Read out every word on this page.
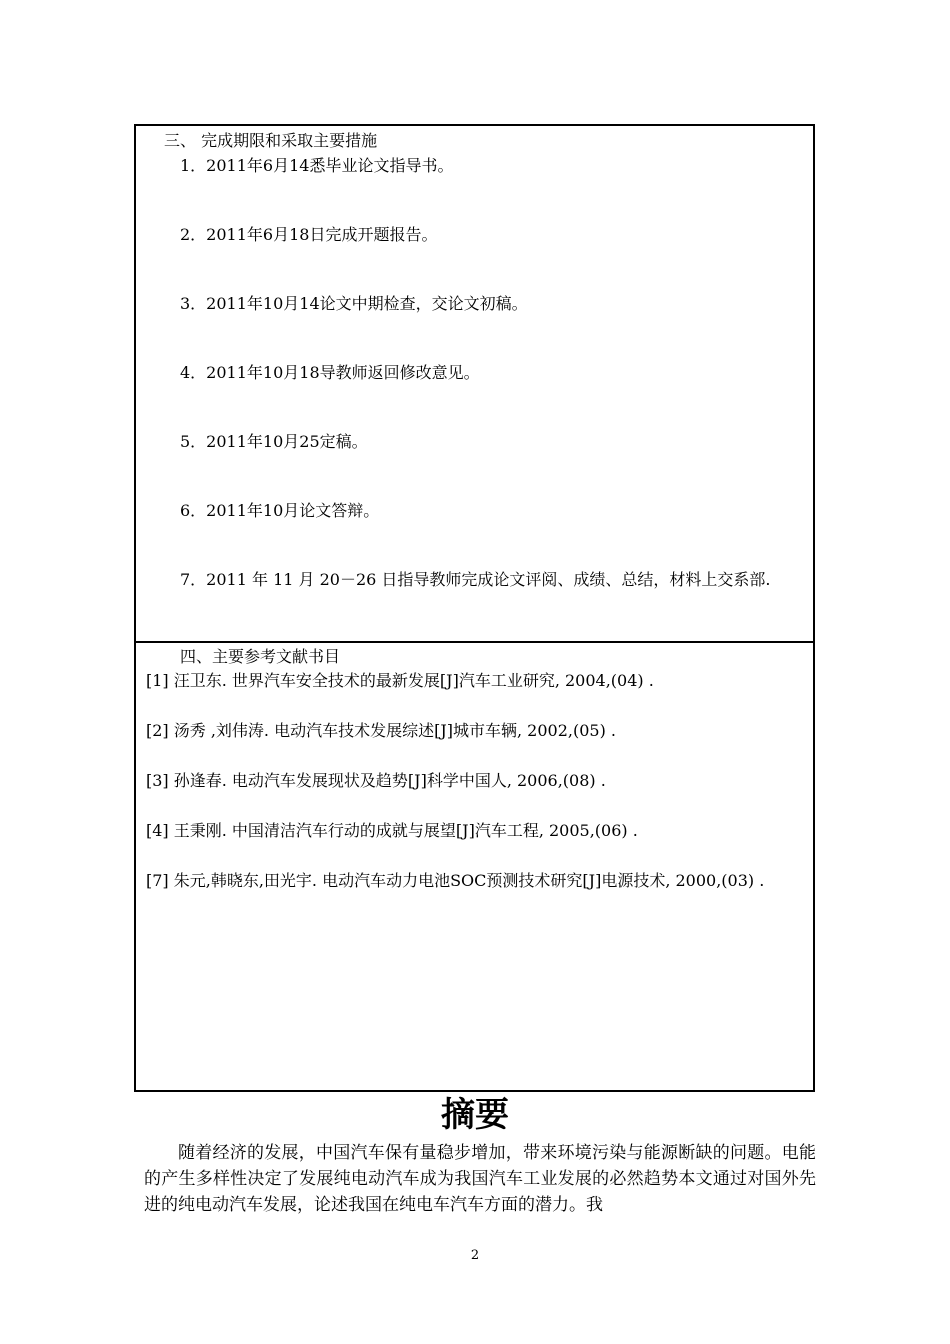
三、 完成期限和采取主要措施
1．2011年6月14悉毕业论文指导书。
2．2011年6月18日完成开题报告。
3．2011年10月14论文中期检查，交论文初稿。
4．2011年10月18导教师返回修改意见。
5．2011年10月25定稿。
6．2011年10月论文答辩。
7．2011 年 11 月 20－26 日指导教师完成论文评阅、成绩、总结，材料上交系部.
四、主要参考文献书目
[1] 汪卫东. 世界汽车安全技术的最新发展[J]汽车工业研究, 2004,(04) .
[2] 汤秀 ,刘伟涛. 电动汽车技术发展综述[J]城市车辆, 2002,(05) .
[3] 孙逢春. 电动汽车发展现状及趋势[J]科学中国人, 2006,(08) .
[4] 王秉刚. 中国清洁汽车行动的成就与展望[J]汽车工程, 2005,(06) .
[7] 朱元,韩晓东,田光宇. 电动汽车动力电池SOC预测技术研究[J]电源技术, 2000,(03) .
摘要
随着经济的发展，中国汽车保有量稳步增加，带来环境污染与能源断缺的问题。电能的产生多样性决定了发展纯电动汽车成为我国汽车工业发展的必然趋势本文通过对国外先进的纯电动汽车发展，论述我国在纯电车汽车方面的潜力。我
2
